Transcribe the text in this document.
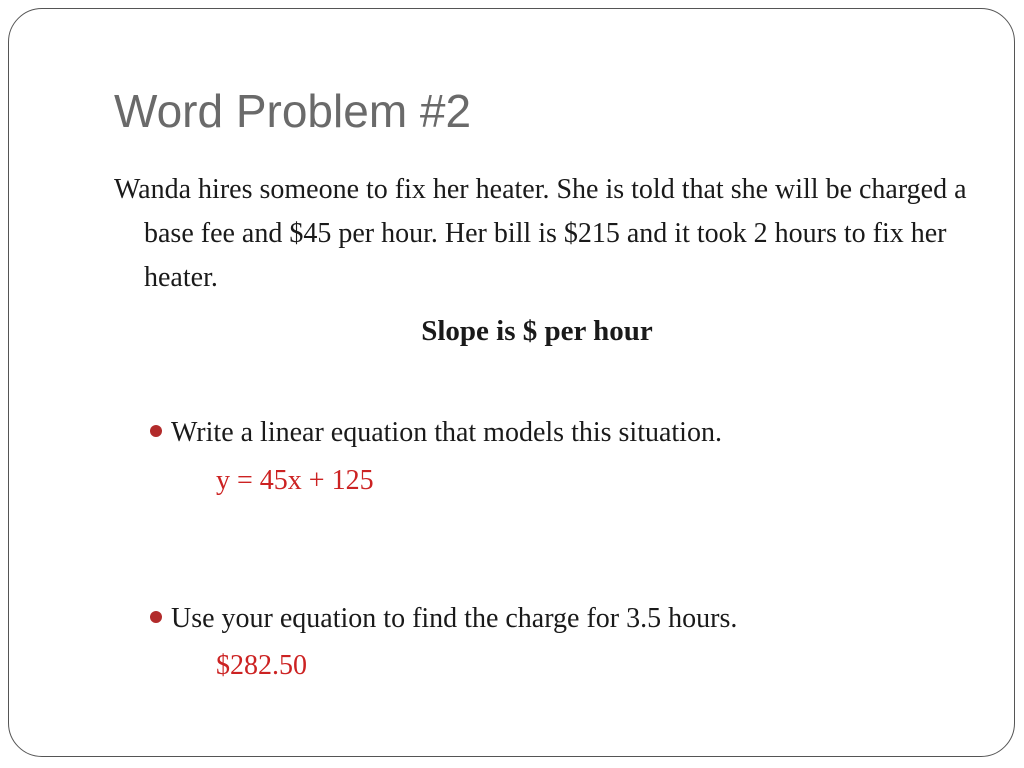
Word Problem #2
Wanda hires someone to fix her heater. She is told that she will be charged a base fee and $45 per hour. Her bill is $215 and it took 2 hours to fix her heater.
Slope is $ per hour
Write a linear equation that models this situation.
y = 45x + 125
Use your equation to find the charge for 3.5 hours.
$282.50
